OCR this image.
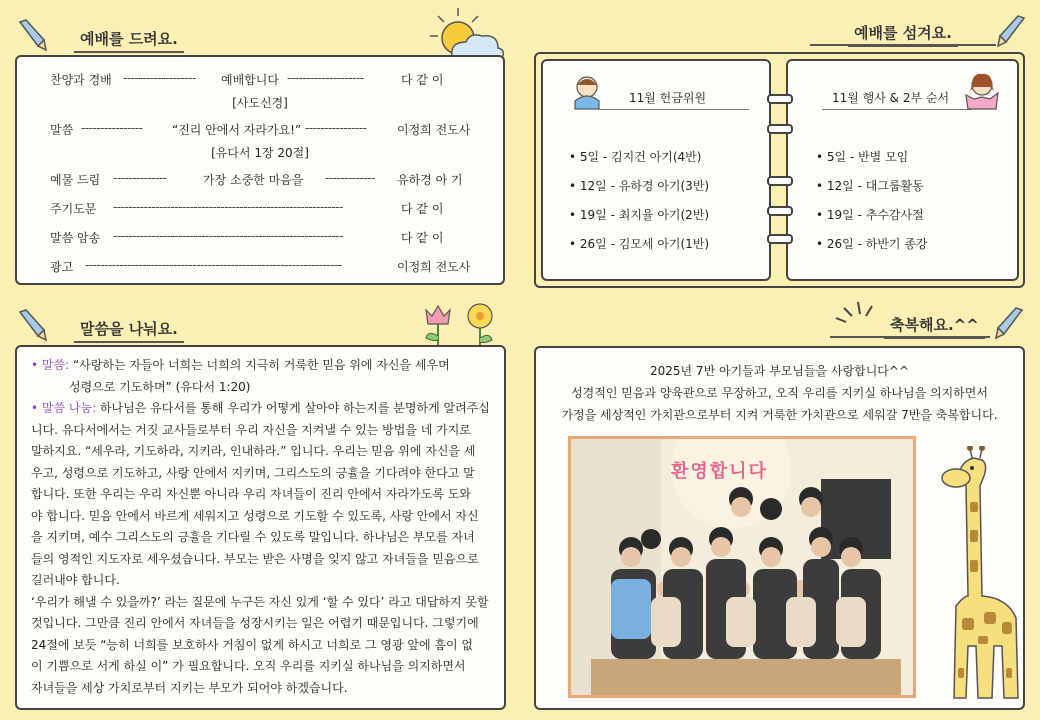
예배를 드려요.
찬양과 경배 -------------------	예배합니다 --------------------	다 같 이
[사도신경]
말씀 ----------------	“진리 안에서 자라가요!” ----------------	이정희 전도사
[유다서 1장 20절]
예물 드림 --------------	가장 소중한 마음을 -------------	유하경 아 기
주기도문 ------------------------------------------------------------	다 같 이
말씀 암송 ------------------------------------------------------------	다 같 이
광고 -------------------------------------------------------------------	이정희 전도사
예배를 섬겨요.
11월 헌금위원
• 5일 - 김지건 아기(4반)
• 12일 - 유하경 아기(3반)
• 19일 - 최지율 아기(2반)
• 26일 - 김모세 아기(1반)
11월 행사 & 2부 순서
• 5일 - 반별 모임
• 12일 - 대그룹활동
• 19일 - 추수감사절
• 26일 - 하반기 종강
말씀을 나눠요.
• 말씀: “사랑하는 자들아 너희는 너희의 지극히 거룩한 믿음 위에 자신을 세우며
성령으로 기도하며” (유다서 1:20)
• 말씀 나눔: 하나님은 유다서를 통해 우리가 어떻게 살아야 하는지를 분명하게 알려주십
니다. 유다서에서는 거짓 교사들로부터 우리 자신을 지켜낼 수 있는 방법을 네 가지로
말하지요. “세우라, 기도하라, 지키라, 인내하라.” 입니다. 우리는 믿음 위에 자신을 세
우고, 성령으로 기도하고, 사랑 안에서 지키며, 그리스도의 긍휼을 기다려야 한다고 말
합니다. 또한 우리는 우리 자신뿐 아니라 우리 자녀들이 진리 안에서 자라가도록 도와
야 합니다. 믿음 안에서 바르게 세워지고 성령으로 기도할 수 있도록, 사랑 안에서 자신
을 지키며, 예수 그리스도의 긍휼을 기다릴 수 있도록 말입니다. 하나님은 부모를 자녀
들의 영적인 지도자로 세우셨습니다. 부모는 받은 사명을 잊지 않고 자녀들을 믿음으로
길러내야 합니다.
‘우리가 해낼 수 있을까?’ 라는 질문에 누구든 자신 있게 ‘할 수 있다’ 라고 대답하지 못할
것입니다. 그만큼 진리 안에서 자녀들을 성장시키는 일은 어렵기 때문입니다. 그렇기에
24절에 보듯 “능히 너희를 보호하사 거침이 없게 하시고 너희로 그 영광 앞에 흠이 없
이 기쁨으로 서게 하실 이” 가 필요합니다. 오직 우리를 지키실 하나님을 의지하면서
자녀들을 세상 가치로부터 지키는 부모가 되어야 하겠습니다.
축복해요.^^
2025년 7반 아기들과 부모님들을 사랑합니다^^
성경적인 믿음과 양육관으로 무장하고, 오직 우리를 지키실 하나님을 의지하면서
가정을 세상적인 가치관으로부터 지켜 거룩한 가치관으로 세워갈 7반을 축복합니다.
환영합니다
